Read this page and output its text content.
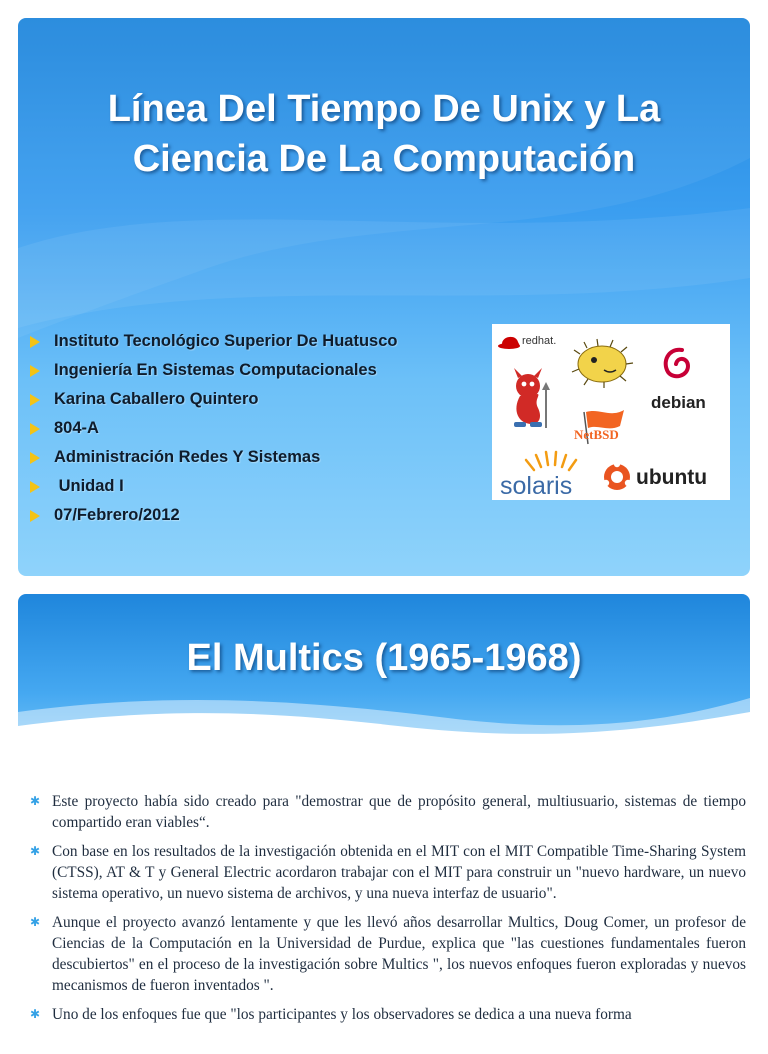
Línea Del Tiempo De Unix y La Ciencia De La Computación
Instituto Tecnológico Superior De Huatusco
Ingeniería En Sistemas Computacionales
Karina Caballero Quintero
804-A
Administración Redes Y Sistemas
Unidad I
07/Febrero/2012
redhat.
debian
NetBSD
solaris	ubuntu
El Multics (1965-1968)
✱ Este proyecto había sido creado para "demostrar que de propósito general, multiusuario, sistemas de tiempo compartido eran viables“.
✱ Con base en los resultados de la investigación obtenida en el MIT con el MIT Compatible Time-Sharing System (CTSS), AT & T y General Electric acordaron trabajar con el MIT para construir un "nuevo hardware, un nuevo sistema operativo, un nuevo sistema de archivos, y una nueva interfaz de usuario".
✱ Aunque el proyecto avanzó lentamente y que les llevó años desarrollar Multics, Doug Comer, un profesor de Ciencias de la Computación en la Universidad de Purdue, explica que "las cuestiones fundamentales fueron descubiertos" en el proceso de la investigación sobre Multics ", los nuevos enfoques fueron exploradas y nuevos mecanismos de fueron inventados ".
✱ Uno de los enfoques fue que "los participantes y los observadores se dedica a una nueva forma
